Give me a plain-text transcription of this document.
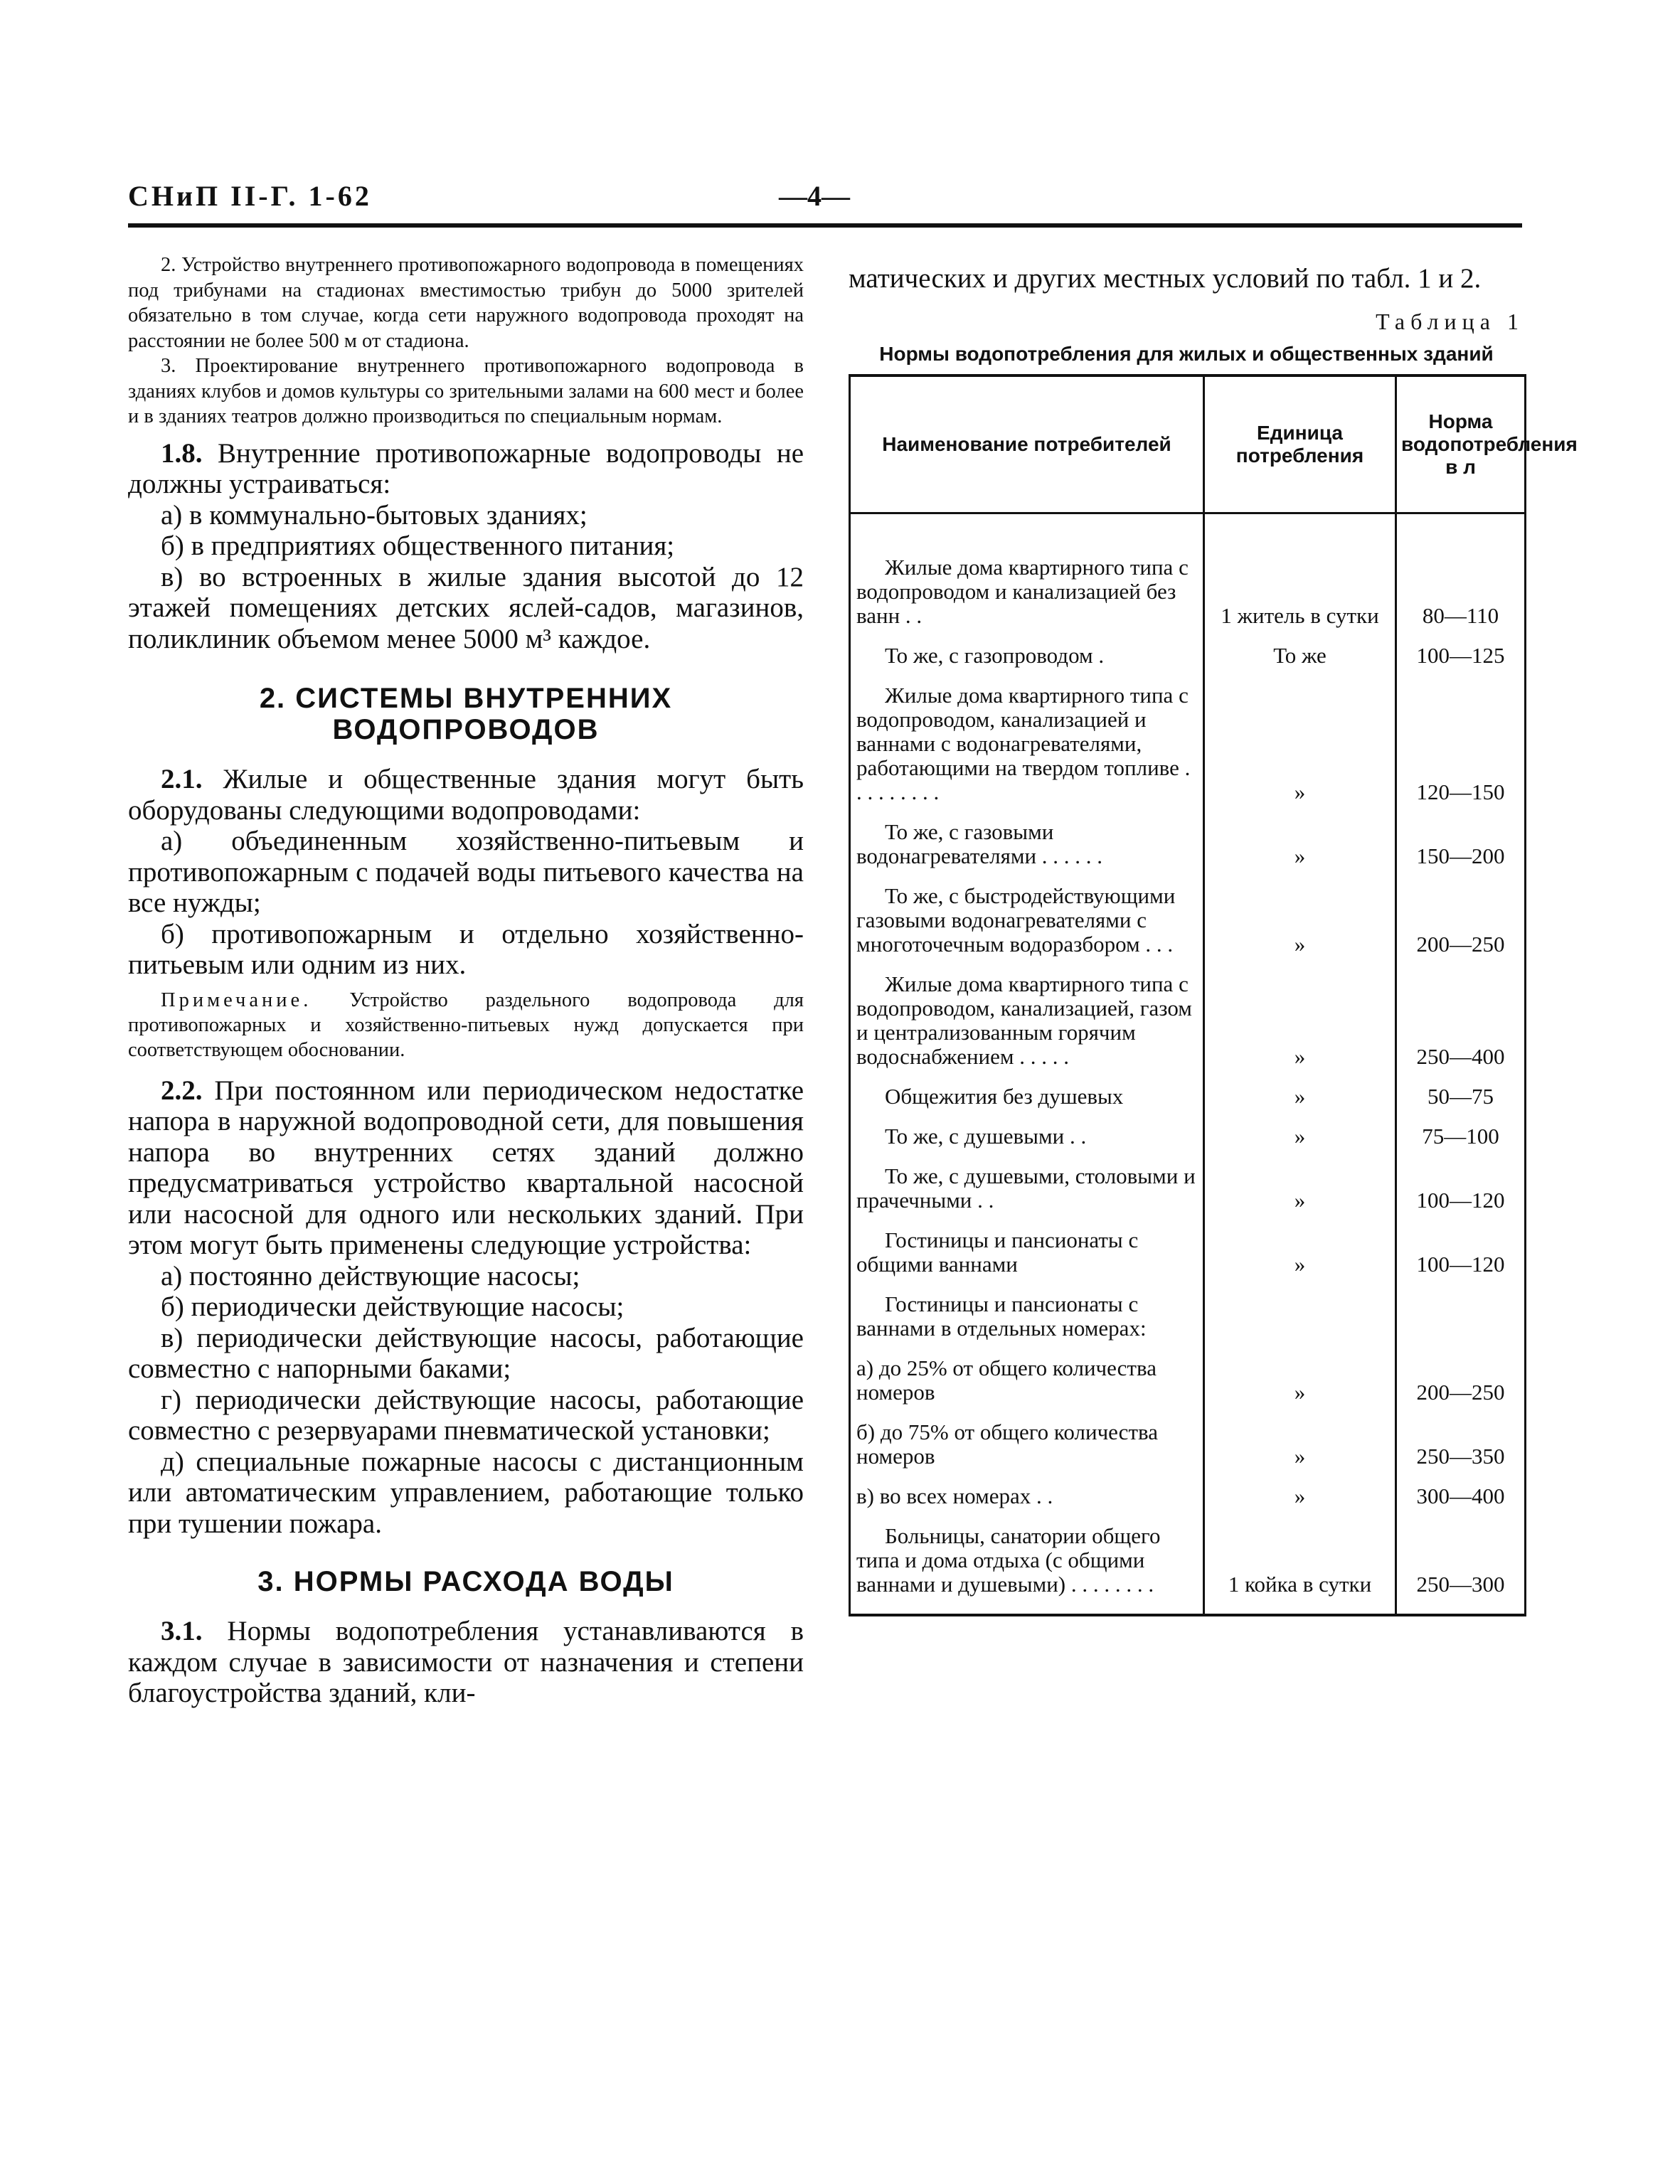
СНиП II-Г. 1-62	—4—

2. Устройство внутреннего противопожарного водопровода в помещениях под трибунами на стадионах вместимостью трибун до 5000 зрителей обязательно в том случае, когда сети наружного водопровода проходят на расстоянии не более 500 м от стадиона.

3. Проектирование внутреннего противопожарного водопровода в зданиях клубов и домов культуры со зрительными залами на 600 мест и более и в зданиях театров должно производиться по специальным нормам.

1.8. Внутренние противопожарные водопроводы не должны устраиваться:

а) в коммунально-бытовых зданиях;

б) в предприятиях общественного питания;

в) во встроенных в жилые здания высотой до 12 этажей помещениях детских яслей-садов, магазинов, поликлиник объемом менее 5000 м³ каждое.

2. СИСТЕМЫ ВНУТРЕННИХ

ВОДОПРОВОДОВ

2.1. Жилые и общественные здания могут быть оборудованы следующими водопроводами:

а) объединенным хозяйственно-питьевым и противопожарным с подачей воды питьевого качества на все нужды;

б) противопожарным и отдельно хозяйственно-питьевым или одним из них.

Примечание. Устройство раздельного водопровода для противопожарных и хозяйственно-питьевых нужд допускается при соответствующем обосновании.

2.2. При постоянном или периодическом недостатке напора в наружной водопроводной сети, для повышения напора во внутренних сетях зданий должно предусматриваться устройство квартальной насосной или насосной для одного или нескольких зданий. При этом могут быть применены следующие устройства:

а) постоянно действующие насосы;

б) периодически действующие насосы;

в) периодически действующие насосы, работающие совместно с напорными баками;

г) периодически действующие насосы, работающие совместно с резервуарами пневматической установки;

д) специальные пожарные насосы с дистанционным или автоматическим управлением, работающие только при тушении пожара.

3. НОРМЫ РАСХОДА ВОДЫ

3.1. Нормы водопотребления устанавливаются в каждом случае в зависимости от назначения и степени благоустройства зданий, кли-

матических и других местных условий по табл. 1 и 2.

Таблица 1

Нормы водопотребления для жилых и общественных зданий

Наименование потребителей	Единица потребления	Норма водопотребления в л
Жилые дома квартирного типа с водопроводом и канализацией без ванн . .	1 житель в сутки	80—110
То же, с газопроводом .	То же	100—125
Жилые дома квартирного типа с водопроводом, канализацией и ваннами с водонагревателями, работающими на твердом топливе . . . . . . . . .	»	120—150
То же, с газовыми водонагревателями . . . . . .	»	150—200
То же, с быстродействующими газовыми водонагревателями с многоточечным водоразбором . . .	»	200—250
Жилые дома квартирного типа с водопроводом, канализацией, газом и централизованным горячим водоснабжением . . . . .	»	250—400
Общежития без душевых	»	50—75
То же, с душевыми . .	»	75—100
То же, с душевыми, столовыми и прачечными . .	»	100—120
Гостиницы и пансионаты с общими ваннами	»	100—120
Гостиницы и пансионаты с ваннами в отдельных номерах:		
а) до 25% от общего количества номеров	»	200—250
б) до 75% от общего количества номеров	»	250—350
в) во всех номерах . .	»	300—400
Больницы, санатории общего типа и дома отдыха (с общими ваннами и душевыми) . . . . . . . .	1 койка в сутки	250—300
